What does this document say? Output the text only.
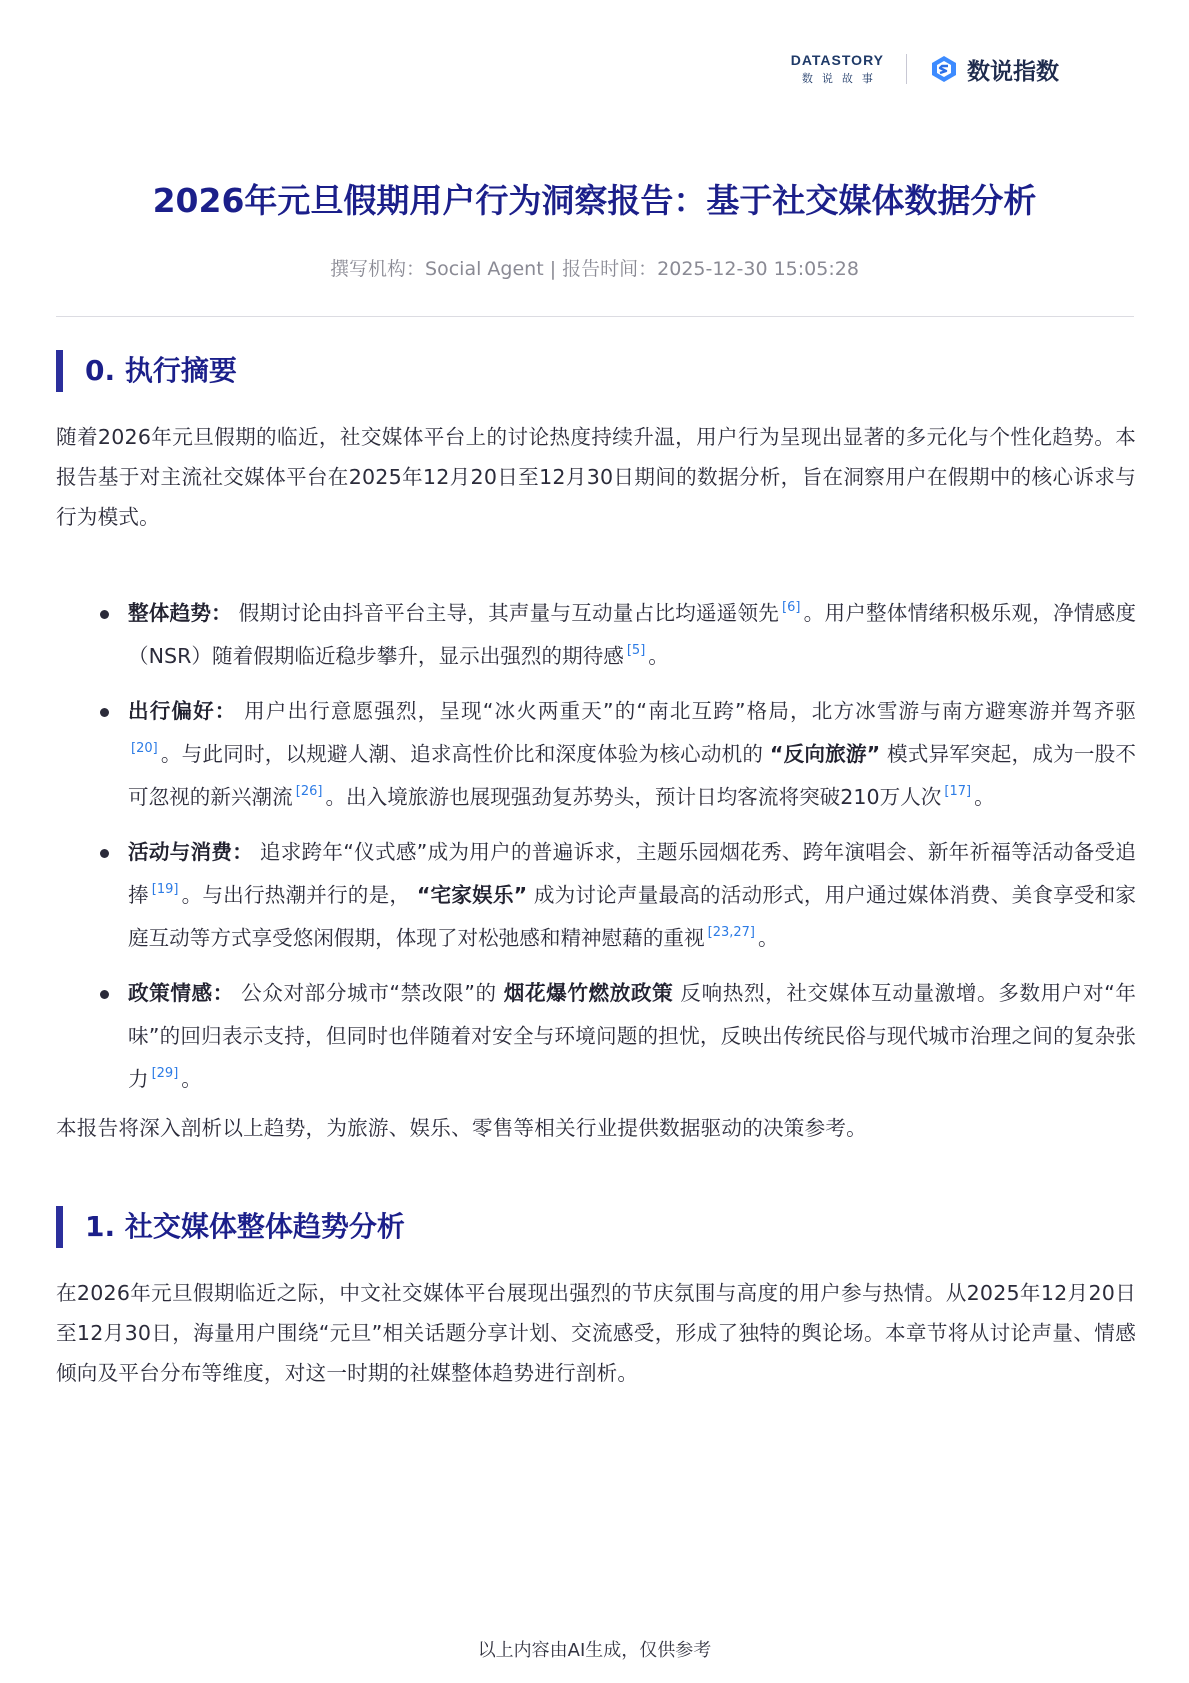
DATASTORY
数说故事	数说指数
2026年元旦假期用户行为洞察报告：基于社交媒体数据分析
撰写机构：Social Agent | 报告时间：2025-12-30 15:05:28
0. 执行摘要

随着2026年元旦假期的临近，社交媒体平台上的讨论热度持续升温，用户行为呈现出显著的多元化与个性化趋势。本报告基于对主流社交媒体平台在2025年12月20日至12月30日期间的数据分析，旨在洞察用户在假期中的核心诉求与行为模式。

整体趋势： 假期讨论由抖音平台主导，其声量与互动量占比均遥遥领先 [6] 。用户整体情绪积极乐观，净情感度（NSR）随着假期临近稳步攀升，显示出强烈的期待感 [5] 。
出行偏好： 用户出行意愿强烈，呈现“冰火两重天”的“南北互跨”格局，北方冰雪游与南方避寒游并驾齐驱[20] 。与此同时，以规避人潮、追求高性价比和深度体验为核心动机的 “反向旅游” 模式异军突起，成为一股不可忽视的新兴潮流 [26] 。出入境旅游也展现强劲复苏势头，预计日均客流将突破210万人次 [17] 。
活动与消费： 追求跨年“仪式感”成为用户的普遍诉求，主题乐园烟花秀、跨年演唱会、新年祈福等活动备受追捧 [19] 。与出行热潮并行的是， “宅家娱乐” 成为讨论声量最高的活动形式，用户通过媒体消费、美食享受和家庭互动等方式享受悠闲假期，体现了对松弛感和精神慰藉的重视 [23,27] 。
政策情感： 公众对部分城市“禁改限”的 烟花爆竹燃放政策 反响热烈，社交媒体互动量激增。多数用户对“年味”的回归表示支持，但同时也伴随着对安全与环境问题的担忧，反映出传统民俗与现代城市治理之间的复杂张力 [29] 。

本报告将深入剖析以上趋势，为旅游、娱乐、零售等相关行业提供数据驱动的决策参考。

1. 社交媒体整体趋势分析

在2026年元旦假期临近之际，中文社交媒体平台展现出强烈的节庆氛围与高度的用户参与热情。从2025年12月20日至12月30日，海量用户围绕“元旦”相关话题分享计划、交流感受，形成了独特的舆论场。本章节将从讨论声量、情感倾向及平台分布等维度，对这一时期的社媒整体趋势进行剖析。

以上内容由AI生成，仅供参考
